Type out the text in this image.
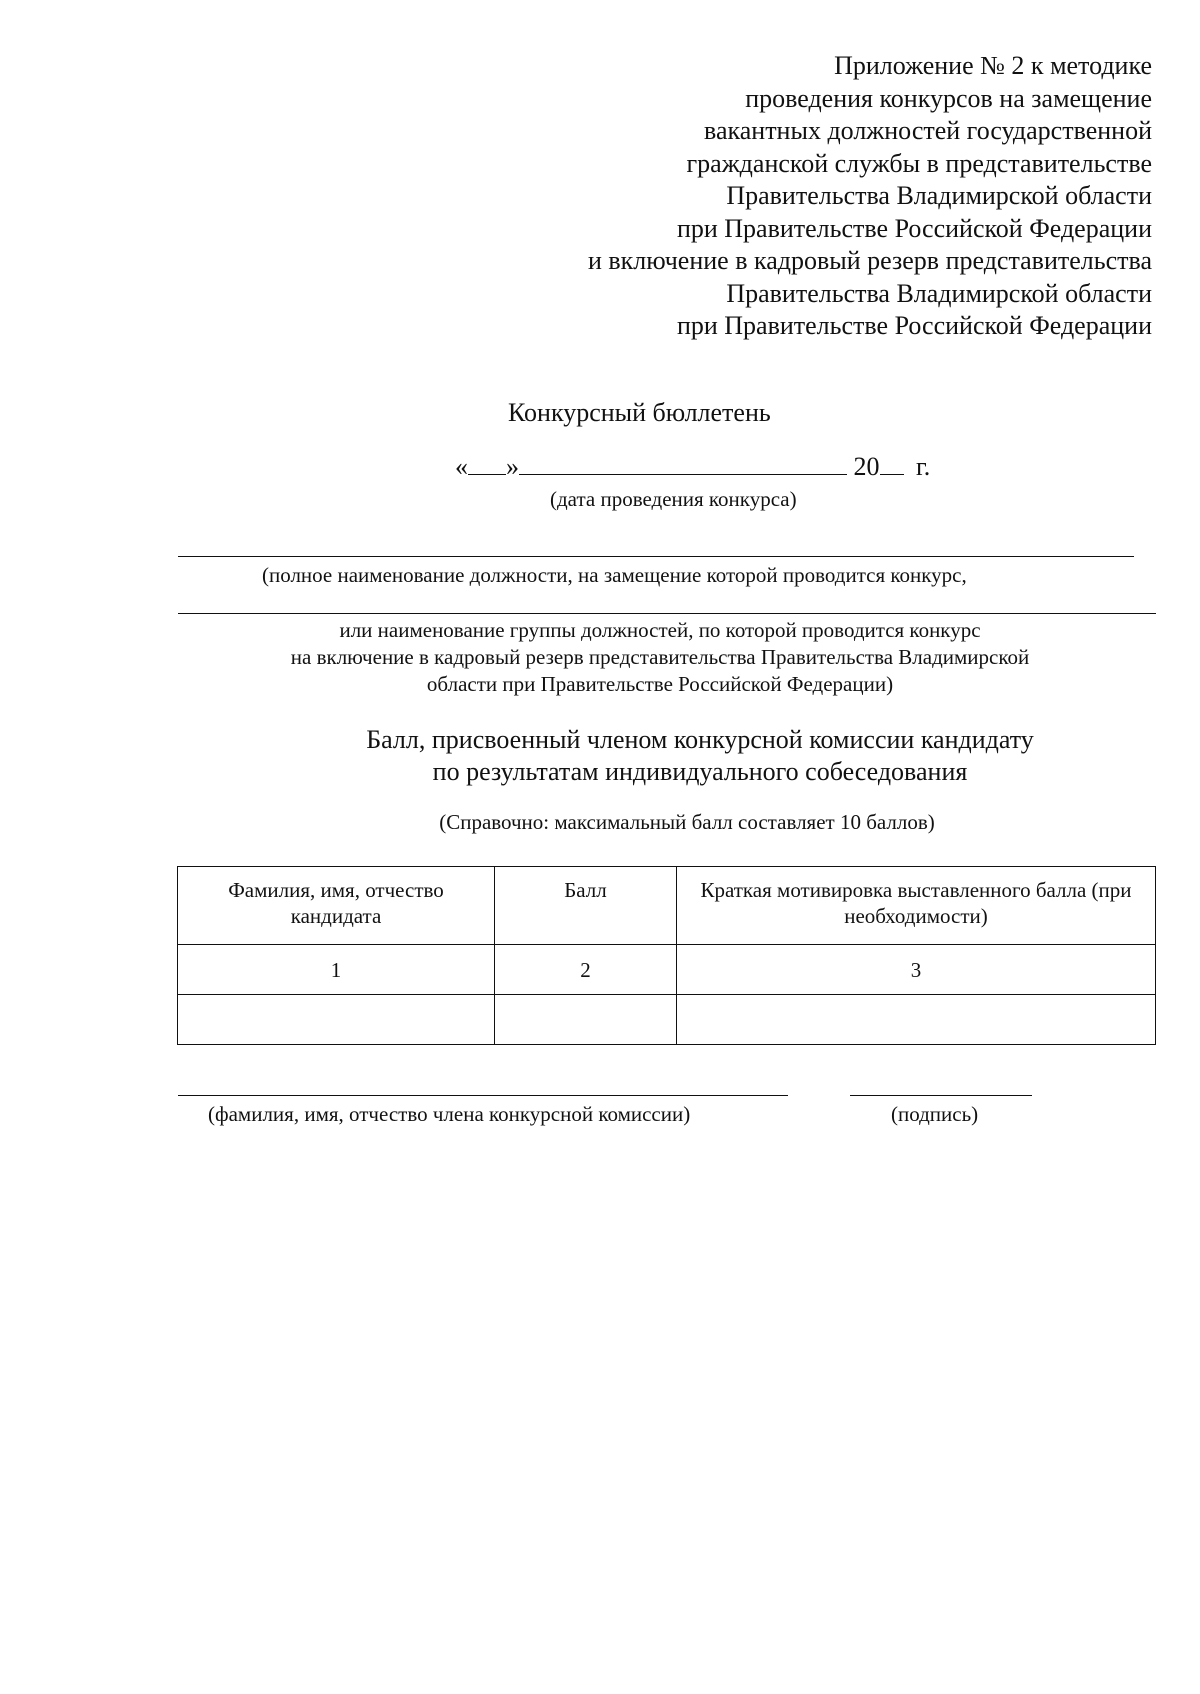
Приложение № 2 к методике
проведения конкурсов на замещение
вакантных должностей государственной
гражданской службы в представительстве
Правительства Владимирской области
при Правительстве Российской Федерации
и включение в кадровый резерв представительства
Правительства Владимирской области
при Правительстве Российской Федерации
Конкурсный бюллетень
« »	20 г.
(дата проведения конкурса)
(полное наименование должности, на замещение которой проводится конкурс,
или наименование группы должностей, по которой проводится конкурс
на включение в кадровый резерв представительства Правительства Владимирской
области при Правительстве Российской Федерации)
Балл, присвоенный членом конкурсной комиссии кандидату
по результатам индивидуального собеседования
(Справочно: максимальный балл составляет 10 баллов)
Фамилия, имя, отчество кандидата	Балл	Краткая мотивировка выставленного балла (при необходимости)
1	2	3

(фамилия, имя, отчество члена конкурсной комиссии)	(подпись)
